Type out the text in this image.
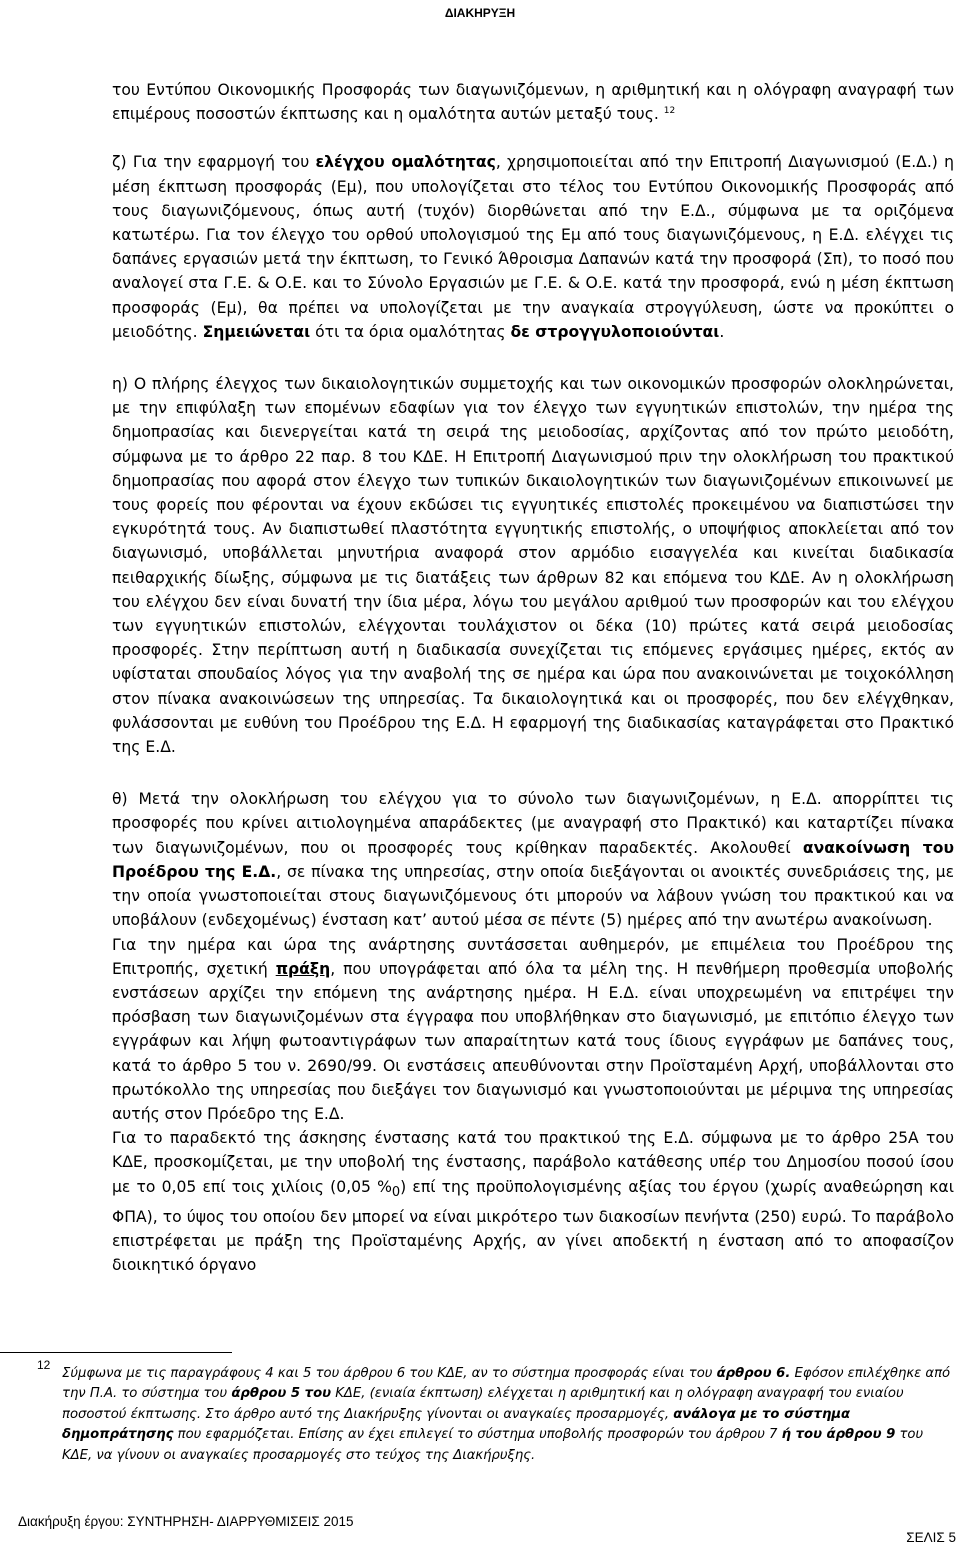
ΔΙΑΚΗΡΥΞΗ

του Εντύπου Οικονομικής Προσφοράς των διαγωνιζόμενων, η αριθμητική και η ολόγραφη αναγραφή των επιμέρους ποσοστών έκπτωσης και η ομαλότητα αυτών μεταξύ τους. $^{12}$

ζ) Για την εφαρμογή του ελέγχου ομαλότητας, χρησιμοποιείται από την Επιτροπή Διαγωνισμού (Ε.Δ.) η μέση έκπτωση προσφοράς (Εμ), που υπολογίζεται στο τέλος του Εντύπου Οικονομικής Προσφοράς από τους διαγωνιζόμενους, όπως αυτή (τυχόν) διορθώνεται από την Ε.Δ., σύμφωνα με τα οριζόμενα κατωτέρω. Για τον έλεγχο του ορθού υπολογισμού της Εμ από τους διαγωνιζόμενους, η Ε.Δ. ελέγχει τις δαπάνες εργασιών μετά την έκπτωση, το Γενικό Άθροισμα Δαπανών κατά την προσφορά (Σπ), το ποσό που αναλογεί στα Γ.Ε. & Ο.Ε. και το Σύνολο Εργασιών με Γ.Ε. & Ο.Ε. κατά την προσφορά, ενώ η μέση έκπτωση προσφοράς (Εμ), θα πρέπει να υπολογίζεται με την αναγκαία στρογγύλευση, ώστε να προκύπτει ο μειοδότης. Σημειώνεται ότι τα όρια ομαλότητας δε στρογγυλοποιούνται.

η) Ο πλήρης έλεγχος των δικαιολογητικών συμμετοχής και των οικονομικών προσφορών ολοκληρώνεται, με την επιφύλαξη των επομένων εδαφίων για τον έλεγχο των εγγυητικών επιστολών, την ημέρα της δημοπρασίας και διενεργείται κατά τη σειρά της μειοδοσίας, αρχίζοντας από τον πρώτο μειοδότη, σύμφωνα με το άρθρο 22 παρ. 8 του ΚΔΕ. Η Επιτροπή Διαγωνισμού πριν την ολοκλήρωση του πρακτικού δημοπρασίας που αφορά στον έλεγχο των τυπικών δικαιολογητικών των διαγωνιζομένων επικοινωνεί με τους φορείς που φέρονται να έχουν εκδώσει τις εγγυητικές επιστολές προκειμένου να διαπιστώσει την εγκυρότητά τους. Αν διαπιστωθεί πλαστότητα εγγυητικής επιστολής, ο υποψήφιος αποκλείεται από τον διαγωνισμό, υποβάλλεται μηνυτήρια αναφορά στον αρμόδιο εισαγγελέα και κινείται διαδικασία πειθαρχικής δίωξης, σύμφωνα με τις διατάξεις των άρθρων 82 και επόμενα του ΚΔΕ. Αν η ολοκλήρωση του ελέγχου δεν είναι δυνατή την ίδια μέρα, λόγω του μεγάλου αριθμού των προσφορών και του ελέγχου των εγγυητικών επιστολών, ελέγχονται τουλάχιστον οι δέκα (10) πρώτες κατά σειρά μειοδοσίας προσφορές. Στην περίπτωση αυτή η διαδικασία συνεχίζεται τις επόμενες εργάσιμες ημέρες, εκτός αν υφίσταται σπουδαίος λόγος για την αναβολή της σε ημέρα και ώρα που ανακοινώνεται με τοιχοκόλληση στον πίνακα ανακοινώσεων της υπηρεσίας. Τα δικαιολογητικά και οι προσφορές, που δεν ελέγχθηκαν, φυλάσσονται με ευθύνη του Προέδρου της Ε.Δ. Η εφαρμογή της διαδικασίας καταγράφεται στο Πρακτικό της Ε.Δ.

θ) Μετά την ολοκλήρωση του ελέγχου για το σύνολο των διαγωνιζομένων, η Ε.Δ. απορρίπτει τις προσφορές που κρίνει αιτιολογημένα απαράδεκτες (με αναγραφή στο Πρακτικό) και καταρτίζει πίνακα των διαγωνιζομένων, που οι προσφορές τους κρίθηκαν παραδεκτές. Ακολουθεί ανακοίνωση του Προέδρου της Ε.Δ., σε πίνακα της υπηρεσίας, στην οποία διεξάγονται οι ανοικτές συνεδριάσεις της, με την οποία γνωστοποιείται στους διαγωνιζόμενους ότι μπορούν να λάβουν γνώση του πρακτικού και να υποβάλουν (ενδεχομένως) ένσταση κατ’ αυτού μέσα σε πέντε (5) ημέρες από την ανωτέρω ανακοίνωση.

Για την ημέρα και ώρα της ανάρτησης συντάσσεται αυθημερόν, με επιμέλεια του Προέδρου της Επιτροπής, σχετική πράξη, που υπογράφεται από όλα τα μέλη της. Η πενθήμερη προθεσμία υποβολής ενστάσεων αρχίζει την επόμενη της ανάρτησης ημέρα. Η Ε.Δ. είναι υποχρεωμένη να επιτρέψει την πρόσβαση των διαγωνιζομένων στα έγγραφα που υποβλήθηκαν στο διαγωνισμό, με επιτόπιο έλεγχο των εγγράφων και λήψη φωτοαντιγράφων των απαραίτητων κατά τους ίδιους εγγράφων με δαπάνες τους, κατά το άρθρο 5 του ν. 2690/99. Οι ενστάσεις απευθύνονται στην Προϊσταμένη Αρχή, υποβάλλονται στο πρωτόκολλο της υπηρεσίας που διεξάγει τον διαγωνισμό και γνωστοποιούνται με μέριμνα της υπηρεσίας αυτής στον Πρόεδρο της Ε.Δ.

Για το παραδεκτό της άσκησης ένστασης κατά του πρακτικού της Ε.Δ. σύμφωνα με το άρθρο 25Α του ΚΔΕ, προσκομίζεται, με την υποβολή της ένστασης, παράβολο κατάθεσης υπέρ του Δημοσίου ποσού ίσου με το 0,05 επί τοις χιλίοις (0,05 $\%_0$) επί της προϋπολογισμένης αξίας του έργου (χωρίς αναθεώρηση και ΦΠΑ), το ύψος του οποίου δεν μπορεί να είναι μικρότερο των διακοσίων πενήντα (250) ευρώ. Το παράβολο επιστρέφεται με πράξη της Προϊσταμένης Αρχής, αν γίνει αποδεκτή η ένσταση από το αποφασίζον διοικητικό όργανο

12

Σύμφωνα με τις παραγράφους 4 και 5 του άρθρου 6 του ΚΔΕ, αν το σύστημα προσφοράς είναι του άρθρου 6. Εφόσον επιλέχθηκε από την Π.Α. το σύστημα του άρθρου 5 του ΚΔΕ, (ενιαία έκπτωση) ελέγχεται η αριθμητική και η ολόγραφη αναγραφή του ενιαίου ποσοστού έκπτωσης. Στο άρθρο αυτό της Διακήρυξης γίνονται οι αναγκαίες προσαρμογές, ανάλογα με το σύστημα δημοπράτησης που εφαρμόζεται. Επίσης αν έχει επιλεγεί το σύστημα υποβολής προσφορών του άρθρου 7 ή του άρθρου 9 του ΚΔΕ, να γίνουν οι αναγκαίες προσαρμογές στο τεύχος της Διακήρυξης.

Διακήρυξη έργου: ΣΥΝΤΗΡΗΣΗ- ΔΙΑΡΡΥΘΜΙΣΕΙΣ 2015
ΣΕΛΙΣ 5
